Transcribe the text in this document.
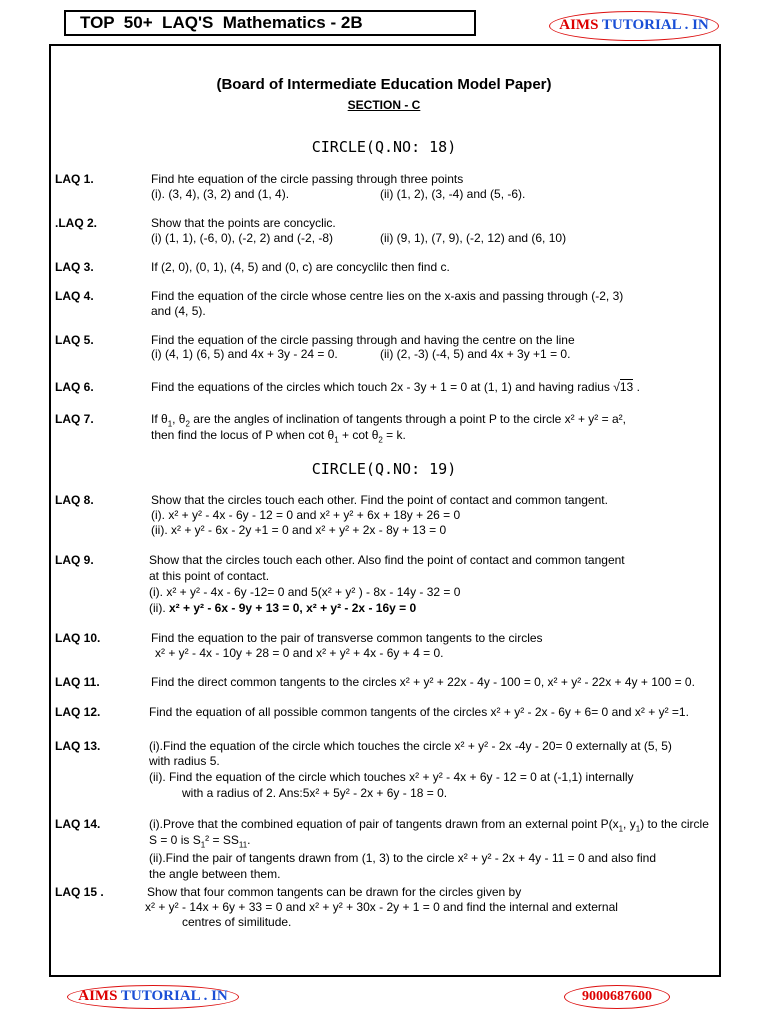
TOP  50+  LAQ'S  Mathematics - 2B	AIMS TUTORIAL . IN
(Board of Intermediate Education Model Paper)
SECTION - C
CIRCLE(Q.NO: 18)
LAQ 1.	Find hte equation of the circle passing through three points
(i). (3, 4), (3, 2) and (1, 4).	(ii) (1, 2), (3, -4) and (5, -6).
.LAQ 2.	Show that the points are concyclic.
(i) (1, 1), (-6, 0), (-2, 2) and (-2, -8)	(ii) (9, 1), (7, 9), (-2, 12) and (6, 10)
LAQ 3.	If (2, 0), (0, 1), (4, 5) and (0, c) are concyclilc then find c.
LAQ 4.	Find the equation of the circle whose centre lies on the x-axis and passing through (-2, 3)
and (4, 5).
LAQ 5.	Find the equation of the circle passing through and having the centre on the line
(i) (4, 1) (6, 5) and 4x + 3y - 24 = 0.	(ii) (2, -3) (-4, 5) and 4x + 3y +1 = 0.
LAQ 6.	Find the equations of the circles which touch 2x - 3y + 1 = 0 at (1, 1) and having radius √13 .
LAQ 7.	If $\theta_1$, $\theta_2$ are the angles of inclination of tangents through a point P to the circle x² + y² = a²,
then find the locus of P when $\cot \theta_1 + \cot \theta_2 = k$.
CIRCLE(Q.NO: 19)
LAQ 8.	Show that the circles touch each other. Find the point of contact and common tangent.
(i). x² + y² - 4x - 6y - 12 = 0 and x² + y² + 6x + 18y + 26 = 0
(ii). x² + y² - 6x - 2y +1 = 0 and x² + y² + 2x - 8y + 13 = 0
LAQ 9.	Show that the circles touch each other. Also find the point of contact and common tangent
at this point of contact.
(i). x² + y² - 4x - 6y -12= 0 and 5(x² + y² ) - 8x - 14y - 32 = 0
(ii). x² + y² - 6x - 9y + 13 = 0, x² + y² - 2x - 16y = 0
LAQ 10.	Find the equation to the pair of transverse common tangents to the circles
x² + y² - 4x - 10y + 28 = 0 and x² + y² + 4x - 6y + 4 = 0.
LAQ 11.	Find the direct common tangents to the circles x² + y² + 22x - 4y - 100 = 0, x² + y² - 22x + 4y + 100 = 0.
LAQ 12.	Find the equation of all possible common tangents of the circles x² + y² - 2x - 6y + 6= 0 and x² + y² =1.
LAQ 13.	(i).Find the equation of the circle which touches the circle x² + y² - 2x -4y - 20= 0 externally at (5, 5)
with radius 5.
(ii). Find the equation of the circle which touches x² + y² - 4x + 6y - 12 = 0 at (-1,1) internally
with a radius of 2. Ans:5x² + 5y² - 2x + 6y - 18 = 0.
LAQ 14.	(i).Prove that the combined equation of pair of tangents drawn from an external point $P(x_1$, $y_1$) to the circle
S = 0 is $S_1^2 = SS_{11}$.
(ii).Find the pair of tangents drawn from (1, 3) to the circle x² + y² - 2x + 4y - 11 = 0 and also find
the angle between them.
LAQ 15 .	Show that four common tangents can be drawn for the circles given by
x² + y² - 14x + 6y + 33 = 0 and x² + y² + 30x - 2y + 1 = 0 and find the internal and external
centres of similitude.
AIMS TUTORIAL . IN	9000687600
